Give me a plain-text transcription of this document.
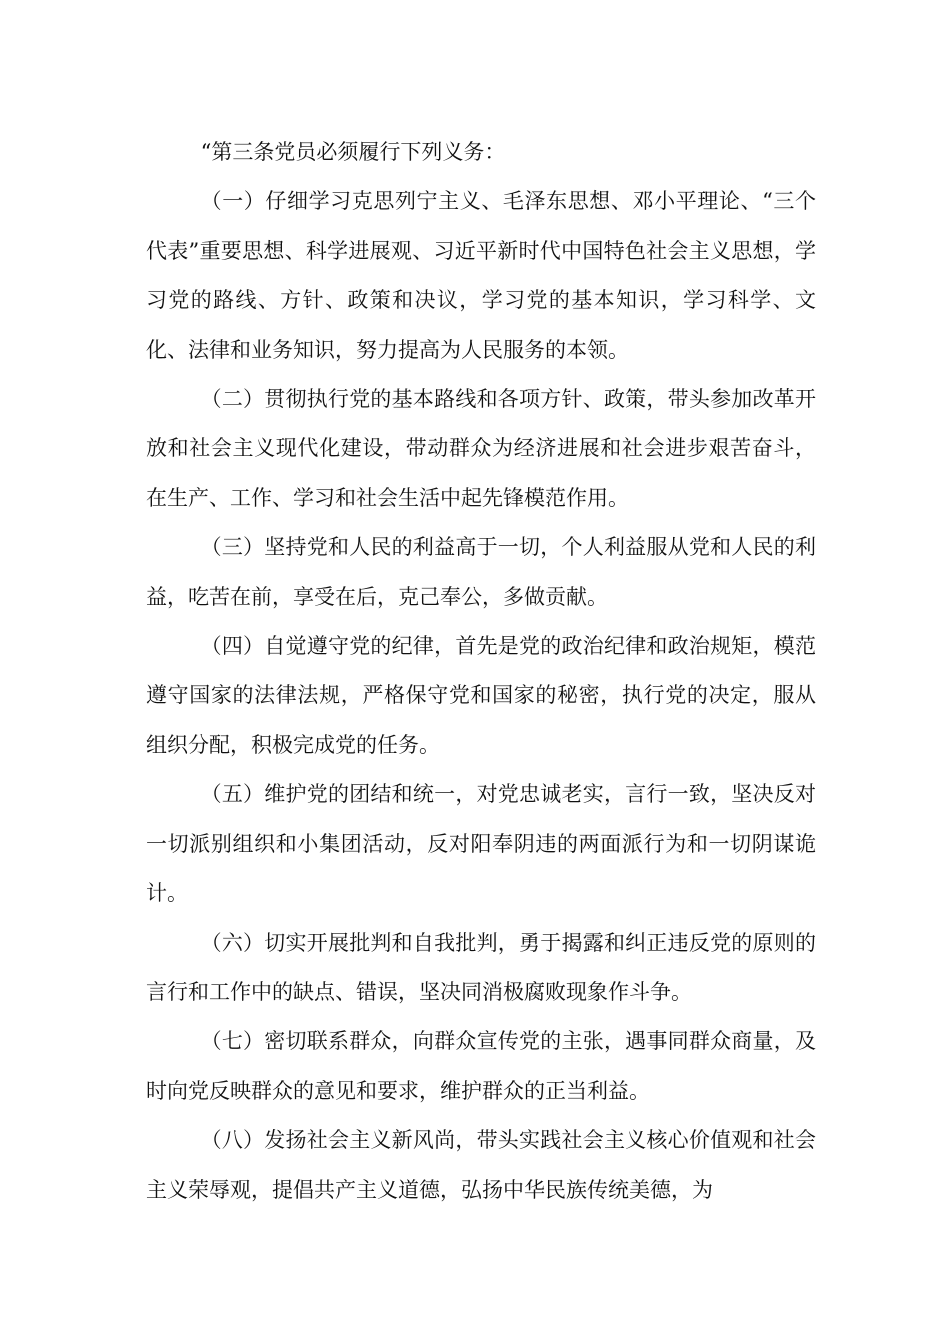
“第三条党员必须履行下列义务：

（一）仔细学习克思列宁主义、毛泽东思想、邓小平理论、“三个代表”重要思想、科学进展观、习近平新时代中国特色社会主义思想，学习党的路线、方针、政策和决议，学习党的基本知识，学习科学、文化、法律和业务知识，努力提高为人民服务的本领。

（二）贯彻执行党的基本路线和各项方针、政策，带头参加改革开放和社会主义现代化建设，带动群众为经济进展和社会进步艰苦奋斗，在生产、工作、学习和社会生活中起先锋模范作用。

（三）坚持党和人民的利益高于一切，个人利益服从党和人民的利益，吃苦在前，享受在后，克己奉公，多做贡献。

（四）自觉遵守党的纪律，首先是党的政治纪律和政治规矩，模范遵守国家的法律法规，严格保守党和国家的秘密，执行党的决定，服从组织分配，积极完成党的任务。

（五）维护党的团结和统一，对党忠诚老实，言行一致，坚决反对一切派别组织和小集团活动，反对阳奉阴违的两面派行为和一切阴谋诡计。

（六）切实开展批判和自我批判，勇于揭露和纠正违反党的原则的言行和工作中的缺点、错误，坚决同消极腐败现象作斗争。

（七）密切联系群众，向群众宣传党的主张，遇事同群众商量，及时向党反映群众的意见和要求，维护群众的正当利益。

（八）发扬社会主义新风尚，带头实践社会主义核心价值观和社会主义荣辱观，提倡共产主义道德，弘扬中华民族传统美德，为
